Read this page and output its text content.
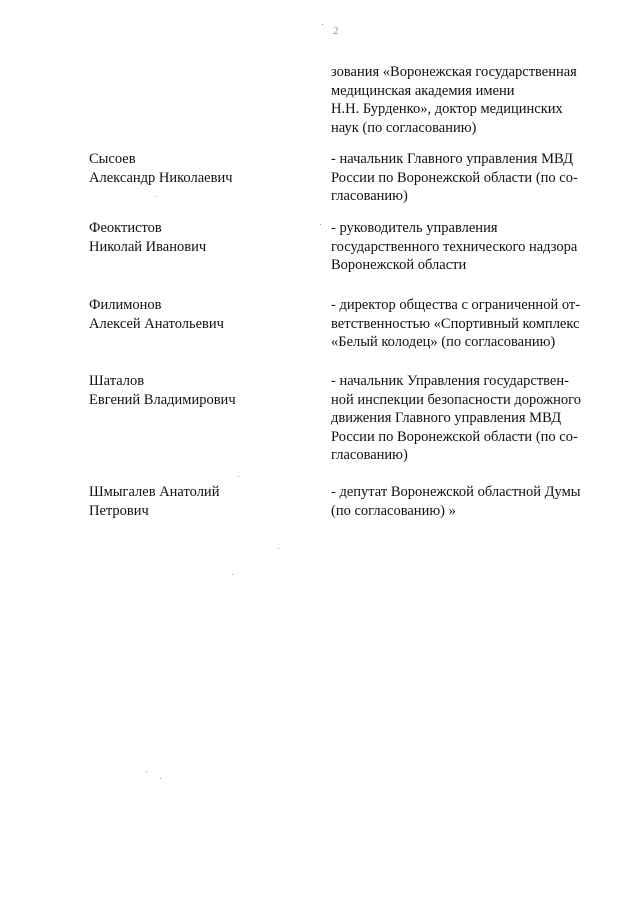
2
зования «Воронежская государственная
медицинская академия имени
Н.Н. Бурденко», доктор медицинских
наук (по согласованию)
Сысоев
Александр Николаевич
- начальник Главного управления МВД
России по Воронежской области (по со-
гласованию)
Феоктистов
Николай Иванович
- руководитель управления
государственного технического надзора
Воронежской области
Филимонов
Алексей Анатольевич
- директор общества с ограниченной от-
ветственностью «Спортивный комплекс
«Белый колодец» (по согласованию)
Шаталов
Евгений Владимирович
- начальник Управления государствен-
ной инспекции безопасности дорожного
движения Главного управления МВД
России по Воронежской области (по со-
гласованию)
Шмыгалев Анатолий
Петрович
- депутат Воронежской областной Думы
(по согласованию) »
